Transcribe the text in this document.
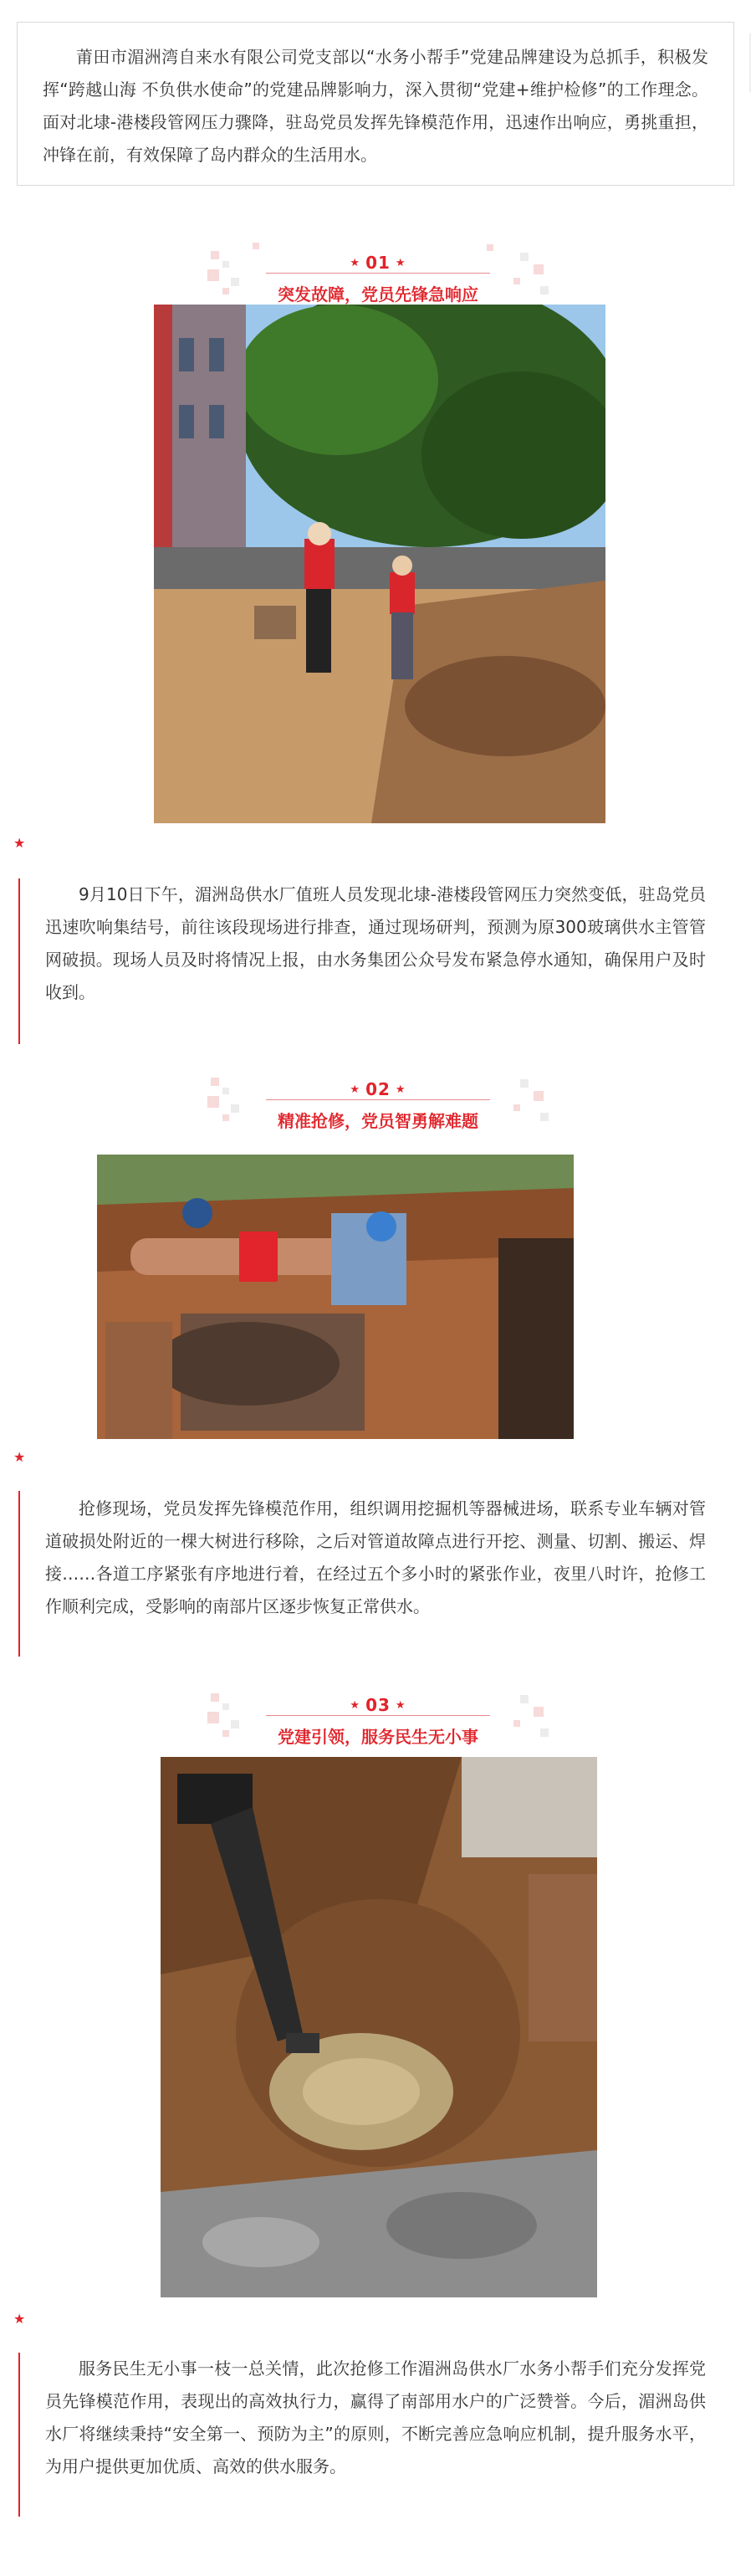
莆田市湄洲湾自来水有限公司党支部以“水务小帮手”党建品牌建设为总抓手，积极发挥“跨越山海 不负供水使命”的党建品牌影响力，深入贯彻“党建+维护检修”的工作理念。面对北埭-港楼段管网压力骤降，驻岛党员发挥先锋模范作用，迅速作出响应，勇挑重担，冲锋在前，有效保障了岛内群众的生活用水。

★ 01 ★
突发故障，党员先锋急响应
★
9月10日下午，湄洲岛供水厂值班人员发现北埭-港楼段管网压力突然变低，驻岛党员迅速吹响集结号，前往该段现场进行排查，通过现场研判，预测为原300玻璃供水主管管网破损。现场人员及时将情况上报，由水务集团公众号发布紧急停水通知，确保用户及时收到。
★ 02 ★
精准抢修，党员智勇解难题
★
抢修现场，党员发挥先锋模范作用，组织调用挖掘机等器械进场，联系专业车辆对管道破损处附近的一棵大树进行移除，之后对管道故障点进行开挖、测量、切割、搬运、焊接……各道工序紧张有序地进行着，在经过五个多小时的紧张作业，夜里八时许，抢修工作顺利完成，受影响的南部片区逐步恢复正常供水。
★ 03 ★
党建引领，服务民生无小事
★
服务民生无小事一枝一总关情，此次抢修工作湄洲岛供水厂水务小帮手们充分发挥党员先锋模范作用，表现出的高效执行力，赢得了南部用水户的广泛赞誉。今后，湄洲岛供水厂将继续秉持“安全第一、预防为主”的原则，不断完善应急响应机制，提升服务水平，为用户提供更加优质、高效的供水服务。
